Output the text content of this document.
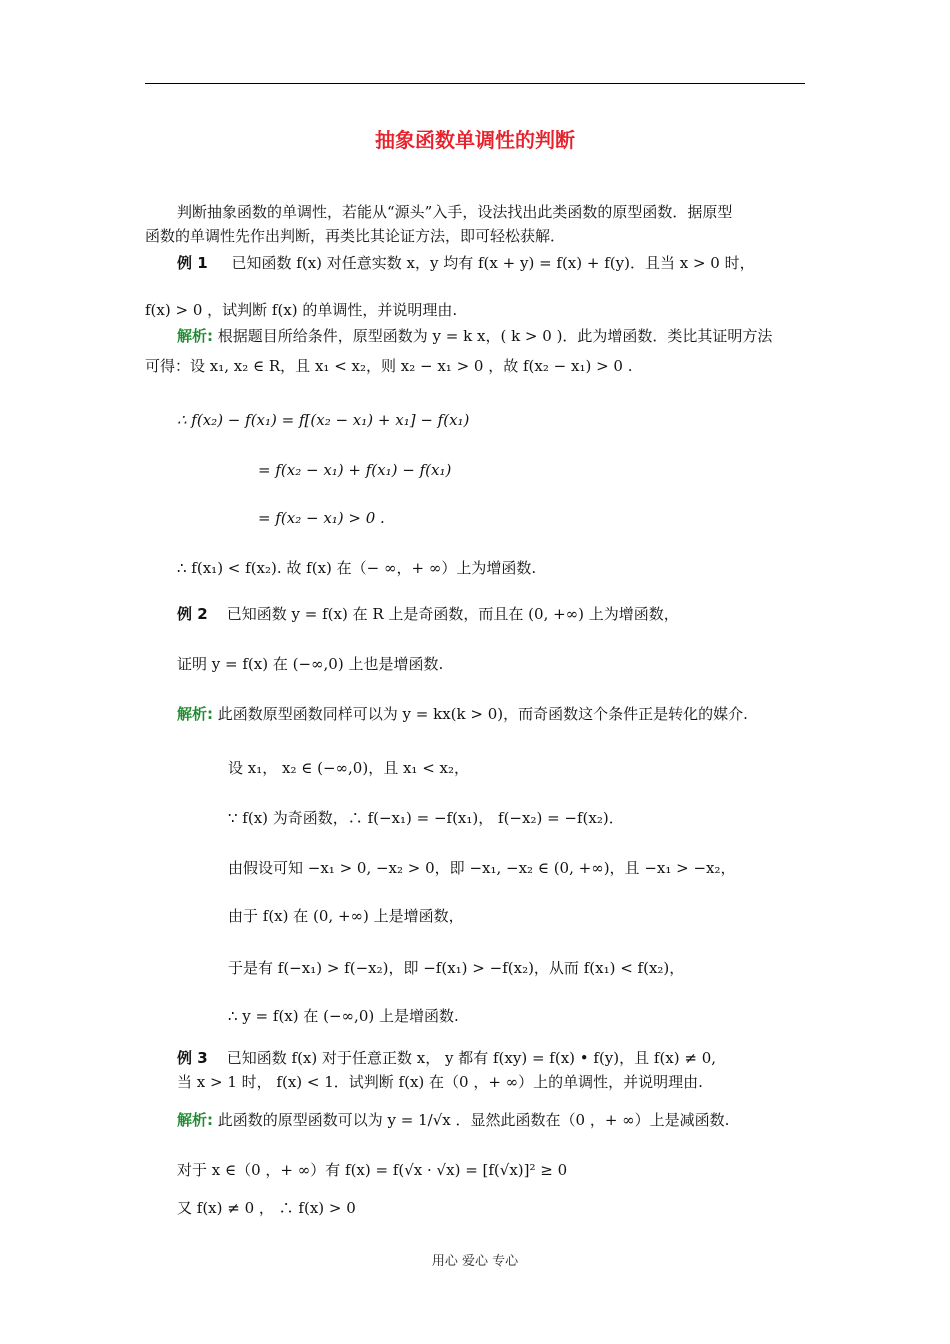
抽象函数单调性的判断
判断抽象函数的单调性，若能从“源头”入手，设法找出此类函数的原型函数．据原型
函数的单调性先作出判断，再类比其论证方法，即可轻松获解．
例 1 已知函数 f(x) 对任意实数 x，y 均有 f(x + y) = f(x) + f(y)．且当 x > 0 时，
f(x) > 0 ，试判断 f(x) 的单调性，并说明理由.
解析: 根据题目所给条件，原型函数为 y = k x，( k > 0 )．此为增函数．类比其证明方法
可得：设 x₁, x₂ ∈ R，且 x₁ < x₂，则 x₂ − x₁ > 0 ，故 f(x₂ − x₁) > 0 .
∴ f(x₂) − f(x₁) = f[(x₂ − x₁) + x₁] − f(x₁)
= f(x₂ − x₁) + f(x₁) − f(x₁)
= f(x₂ − x₁) > 0 .
∴ f(x₁) < f(x₂). 故 f(x) 在（− ∞，+ ∞）上为增函数.
例 2 已知函数 y = f(x) 在 R 上是奇函数，而且在 (0, +∞) 上为增函数，
证明 y = f(x) 在 (−∞,0) 上也是增函数.
解析: 此函数原型函数同样可以为 y = kx(k > 0)，而奇函数这个条件正是转化的媒介.
设 x₁， x₂ ∈ (−∞,0)，且 x₁ < x₂，
∵ f(x) 为奇函数，∴ f(−x₁) = −f(x₁)， f(−x₂) = −f(x₂)．
由假设可知 −x₁ > 0, −x₂ > 0，即 −x₁, −x₂ ∈ (0, +∞)，且 −x₁ > −x₂，
由于 f(x) 在 (0, +∞) 上是增函数，
于是有 f(−x₁) > f(−x₂)，即 −f(x₁) > −f(x₂)，从而 f(x₁) < f(x₂)，
∴ y = f(x) 在 (−∞,0) 上是增函数.
例 3 已知函数 f(x) 对于任意正数 x， y 都有 f(xy) = f(x) • f(y)，且 f(x) ≠ 0,
当 x > 1 时， f(x) < 1．试判断 f(x) 在（0 ，+ ∞）上的单调性，并说明理由.
解析: 此函数的原型函数可以为 y = 1/√x ．显然此函数在（0 ，+ ∞）上是减函数.
对于 x ∈（0 ，+ ∞）有 f(x) = f(√x · √x) = [f(√x)]² ≥ 0
又 f(x) ≠ 0 ， ∴ f(x) > 0
用心 爱心 专心
